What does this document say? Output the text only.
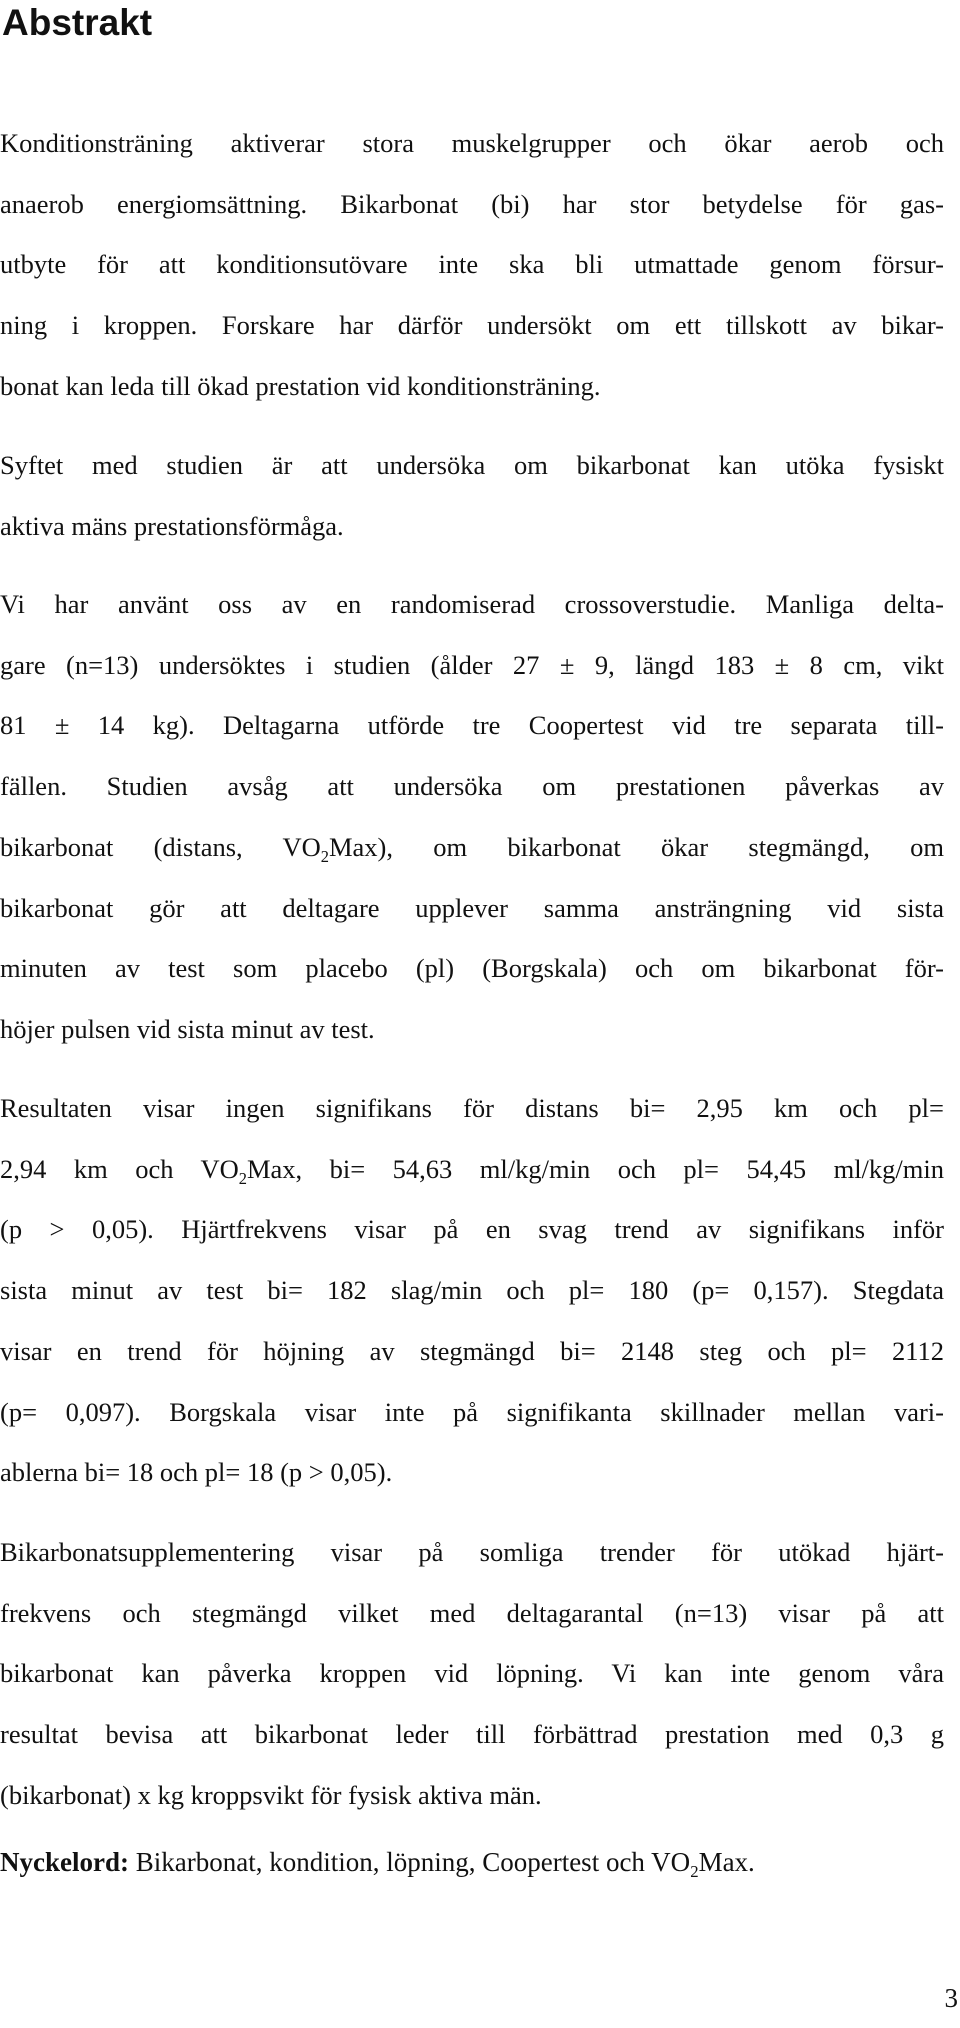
Abstrakt
Konditionsträning aktiverar stora muskelgrupper och ökar aerob och
anaerob energiomsättning. Bikarbonat (bi) har stor betydelse för gas-
utbyte för att konditionsutövare inte ska bli utmattade genom försur-
ning i kroppen. Forskare har därför undersökt om ett tillskott av bikar-
bonat kan leda till ökad prestation vid konditionsträning.
Syftet med studien är att undersöka om bikarbonat kan utöka fysiskt
aktiva mäns prestationsförmåga.
Vi har använt oss av en randomiserad crossoverstudie. Manliga delta-
gare (n=13) undersöktes i studien (ålder 27 ± 9, längd 183 ± 8 cm, vikt
81 ± 14 kg). Deltagarna utförde tre Coopertest vid tre separata till-
fällen. Studien avsåg att undersöka om prestationen påverkas av
bikarbonat (distans, $VO_2Max$), om bikarbonat ökar stegmängd, om
bikarbonat gör att deltagare upplever samma ansträngning vid sista
minuten av test som placebo (pl) (Borgskala) och om bikarbonat för-
höjer pulsen vid sista minut av test.
Resultaten visar ingen signifikans för distans bi= 2,95 km och pl=
2,94 km och $VO_2Max$, bi= 54,63 ml/kg/min och pl= 54,45 ml/kg/min
(p > 0,05). Hjärtfrekvens visar på en svag trend av signifikans inför
sista minut av test bi= 182 slag/min och pl= 180 (p= 0,157). Stegdata
visar en trend för höjning av stegmängd bi= 2148 steg och pl= 2112
(p= 0,097). Borgskala visar inte på signifikanta skillnader mellan vari-
ablerna bi= 18 och pl= 18 (p > 0,05).
Bikarbonatsupplementering visar på somliga trender för utökad hjärt-
frekvens och stegmängd vilket med deltagarantal (n=13) visar på att
bikarbonat kan påverka kroppen vid löpning. Vi kan inte genom våra
resultat bevisa att bikarbonat leder till förbättrad prestation med 0,3 g
(bikarbonat) x kg kroppsvikt för fysisk aktiva män.
Nyckelord: Bikarbonat, kondition, löpning, Coopertest och $VO_2Max$.
3
